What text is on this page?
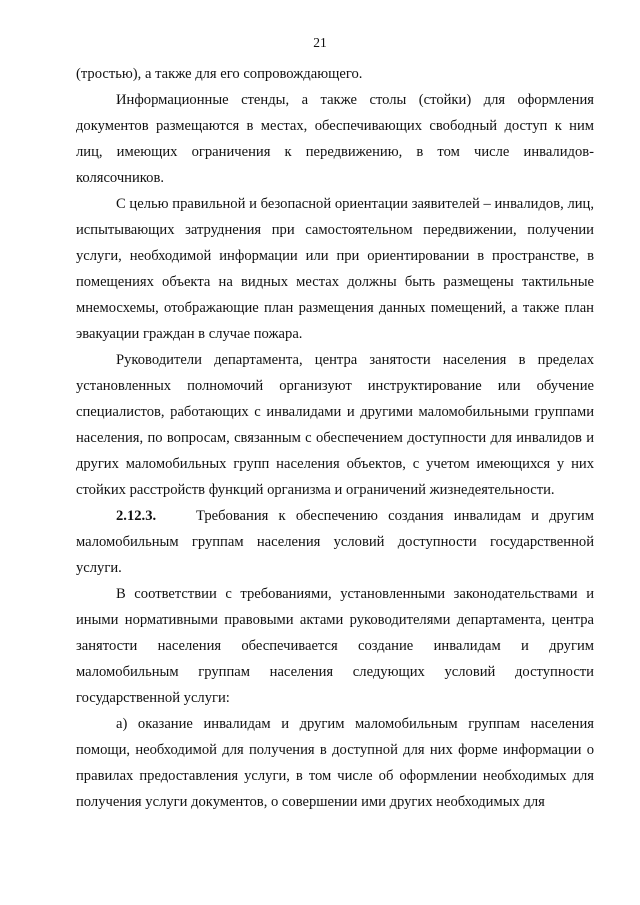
21

(тростью), а также для его сопровождающего.

Информационные стенды, а также столы (стойки) для оформления документов размещаются в местах, обеспечивающих свободный доступ к ним лиц, имеющих ограничения к передвижению, в том числе инвалидов-колясочников.

С целью правильной и безопасной ориентации заявителей – инвалидов, лиц, испытывающих затруднения при самостоятельном передвижении, получении услуги, необходимой информации или при ориентировании в пространстве, в помещениях объекта на видных местах должны быть размещены тактильные мнемосхемы, отображающие план размещения данных помещений, а также план эвакуации граждан в случае пожара.

Руководители департамента, центра занятости населения в пределах установленных полномочий организуют инструктирование или обучение специалистов, работающих с инвалидами и другими маломобильными группами населения, по вопросам, связанным с обеспечением доступности для инвалидов и других маломобильных групп населения объектов, с учетом имеющихся у них стойких расстройств функций организма и ограничений жизнедеятельности.

2.12.3.	Требования к обеспечению создания инвалидам и другим маломобильным группам населения условий доступности государственной услуги.

В соответствии с требованиями, установленными законодательствами и иными нормативными правовыми актами руководителями департамента, центра занятости населения обеспечивается создание инвалидам и другим маломобильным группам населения следующих условий доступности государственной услуги:

а) оказание инвалидам и другим маломобильным группам населения помощи, необходимой для получения в доступной для них форме информации о правилах предоставления услуги, в том числе об оформлении необходимых для получения услуги документов, о совершении ими других необходимых для
